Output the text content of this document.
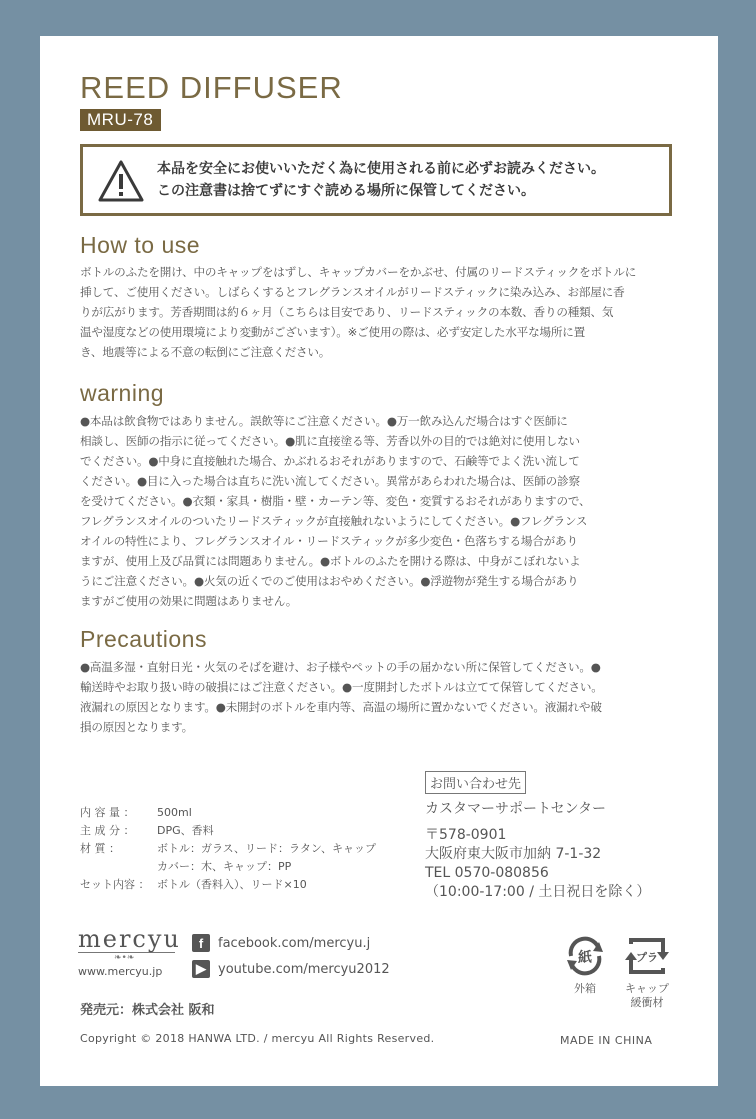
REED DIFFUSER
MRU-78
本品を安全にお使いいただく為に使用される前に必ずお読みください。
この注意書は捨てずにすぐ読める場所に保管してください。
How to use
ボトルのふたを開け、中のキャップをはずし、キャップカバーをかぶせ、付属のリードスティックをボトルに
挿して、ご使用ください。しばらくするとフレグランスオイルがリードスティックに染み込み、お部屋に香
りが広がります。芳香期間は約６ヶ月（こちらは目安であり、リードスティックの本数、香りの種類、気
温や湿度などの使用環境により変動がございます）。※ご使用の際は、必ず安定した水平な場所に置
き、地震等による不意の転倒にご注意ください。
warning
●本品は飲食物ではありません。誤飲等にご注意ください。●万一飲み込んだ場合はすぐ医師に
相談し、医師の指示に従ってください。●肌に直接塗る等、芳香以外の目的では絶対に使用しない
でください。●中身に直接触れた場合、かぶれるおそれがありますので、石鹸等でよく洗い流して
ください。●目に入った場合は直ちに洗い流してください。異常があらわれた場合は、医師の診察
を受けてください。●衣類・家具・樹脂・壁・カーテン等、変色・変質するおそれがありますので、
フレグランスオイルのついたリードスティックが直接触れないようにしてください。●フレグランス
オイルの特性により、フレグランスオイル・リードスティックが多少変色・色落ちする場合があり
ますが、使用上及び品質には問題ありません。●ボトルのふたを開ける際は、中身がこぼれないよ
うにご注意ください。●火気の近くでのご使用はおやめください。●浮遊物が発生する場合があり
ますがご使用の効果に問題はありません。
Precautions
●高温多湿・直射日光・火気のそばを避け、お子様やペットの手の届かない所に保管してください。●
輸送時やお取り扱い時の破損にはご注意ください。●一度開封したボトルは立てて保管してください。
液漏れの原因となります。●未開封のボトルを車内等、高温の場所に置かないでください。液漏れや破
損の原因となります。
内 容 量 ：	500ml
主 成 分 ：	DPG、香料
材 質 ：	ボトル：ガラス、リード：ラタン、キャップ
カバー：木、キャップ：PP
セット内容 ： ボトル（香料入）、リード×10
お問い合わせ先
カスタマーサポートセンター
〒578-0901
大阪府東大阪市加納 7-1-32
TEL 0570-080856
（10:00-17:00 / 土日祝日を除く）
mercyu
❧•❧
www.mercyu.jp
f	facebook.com/mercyu.j
▶ youtube.com/mercyu2012
発売元：株式会社 阪和
Copyright © 2018 HANWA LTD. / mercyu All Rights Reserved.
紙
外箱
プラ
キャップ
緩衝材
MADE IN CHINA
